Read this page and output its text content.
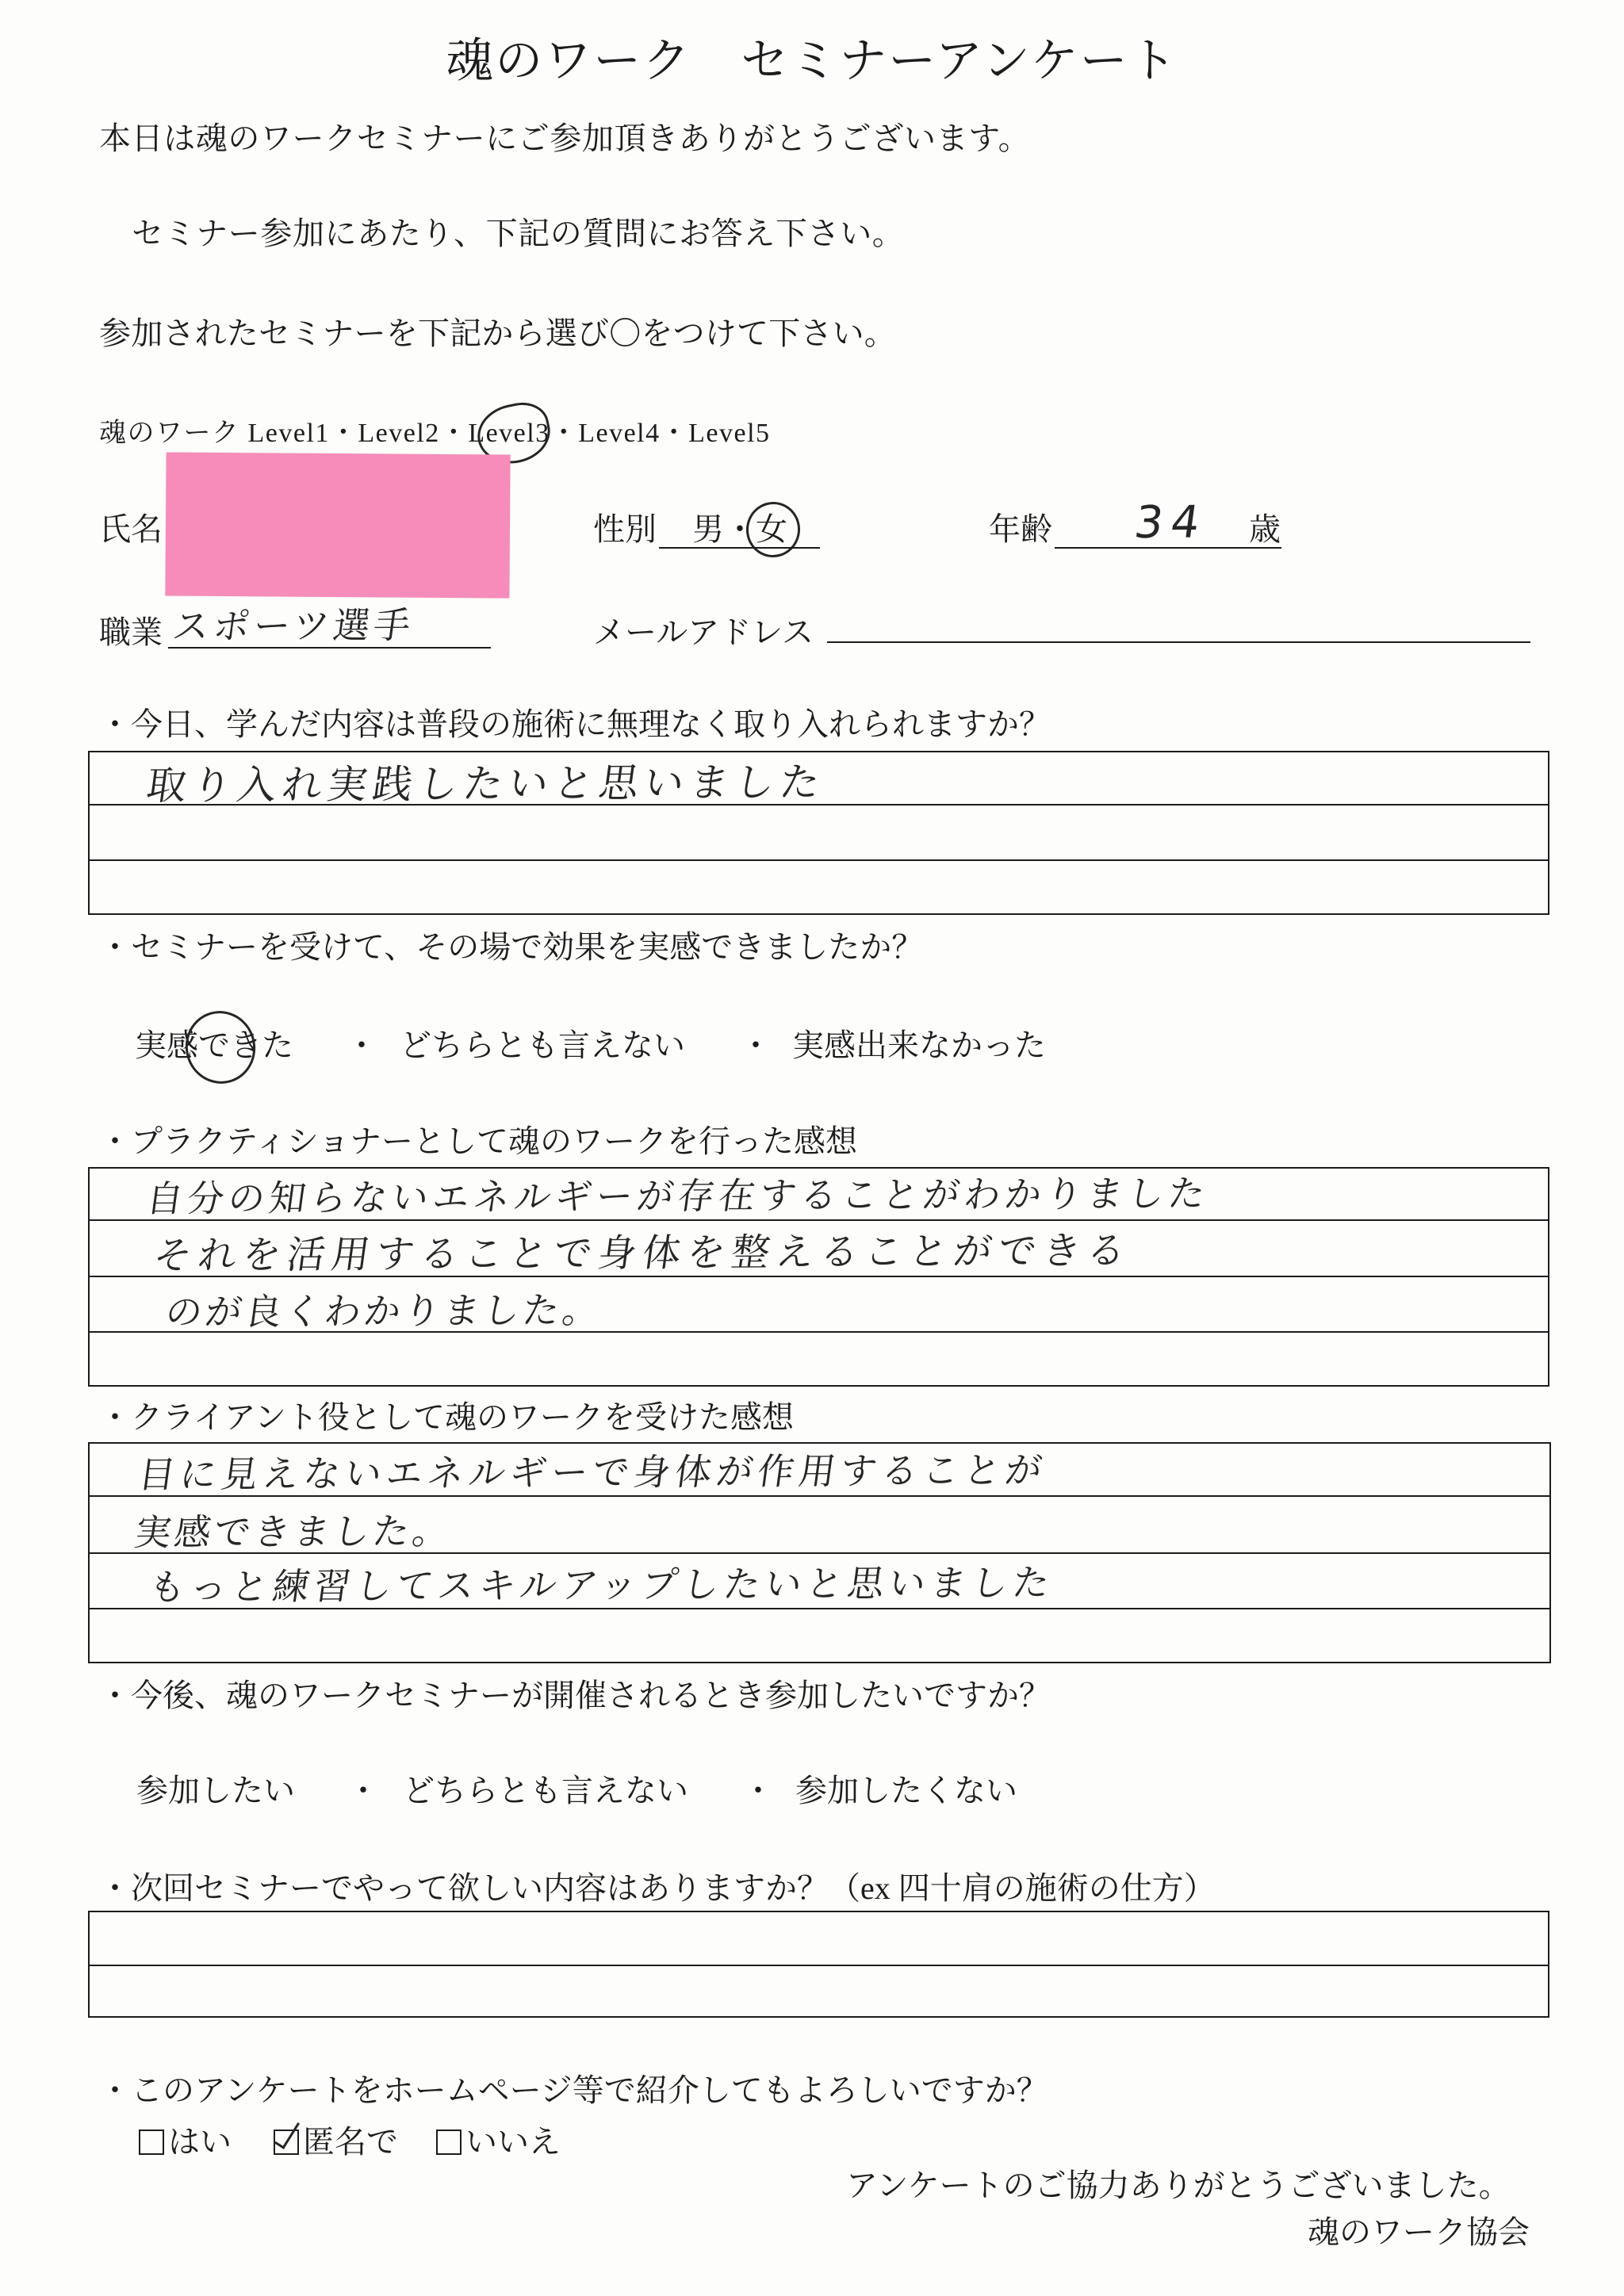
魂のワーク　セミナーアンケート
本日は魂のワークセミナーにご参加頂きありがとうございます。
セミナー参加にあたり、下記の質問にお答え下さい。
参加されたセミナーを下記から選び〇をつけて下さい。
魂のワーク Level1・Level2・Level3
・Level4・Level5
氏名	性別 男・女	年齢 34 歳
職業 スポーツ選手	メールアドレス
・今日、学んだ内容は普段の施術に無理なく取り入れられますか？
取り入れ実践したいと思いました
・セミナーを受けて、その場で効果を実感できましたか？
実感できた ・ どちらとも言えない ・ 実感出来なかった
・プラクティショナーとして魂のワークを行った感想
自分の知らないエネルギーが存在することがわかりました
それを活用することで身体を整えることができる
のが良くわかりました。
・クライアント役として魂のワークを受けた感想
目に見えないエネルギーで身体が作用することが
実感できました。
もっと練習してスキルアップしたいと思いました
・今後、魂のワークセミナーが開催されるとき参加したいですか？
参加したい ・ どちらとも言えない ・ 参加したくない
・次回セミナーでやって欲しい内容はありますか？（ex 四十肩の施術の仕方）
・このアンケートをホームページ等で紹介してもよろしいですか？
はい 匿名で いいえ
アンケートのご協力ありがとうございました。
魂のワーク協会
